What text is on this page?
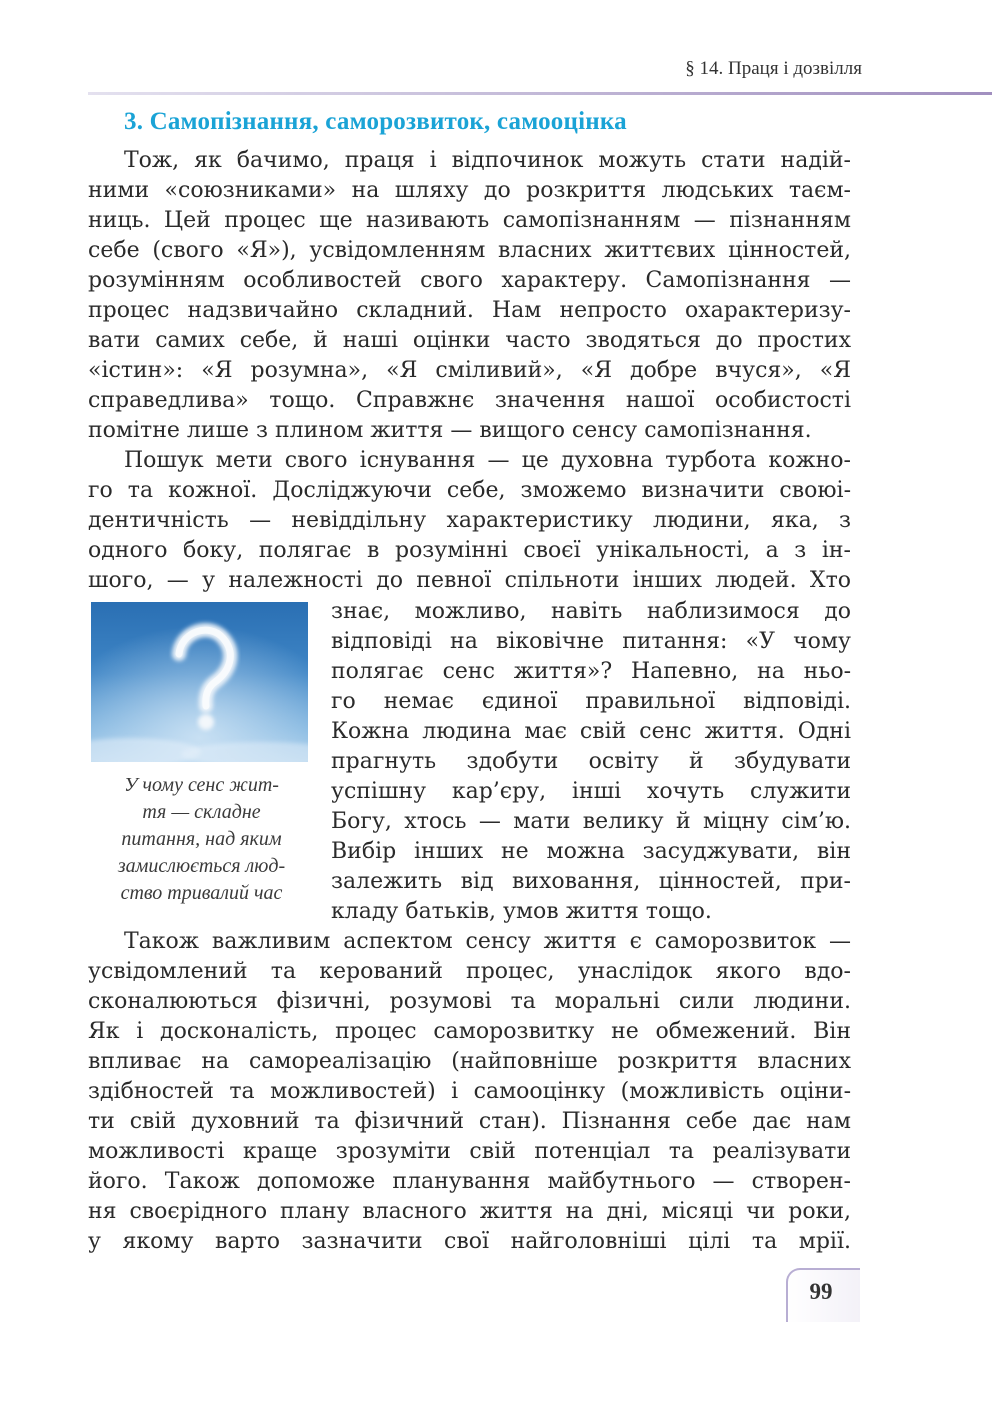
§ 14. Праця і дозвілля
3. Самопізнання, саморозвиток, самооцінка
Тож, як бачимо, праця і відпочинок можуть стати надій-
ними «союзниками» на шляху до розкриття людських таєм-
ниць. Цей процес ще називають самопізнанням — пізнанням
себе (свого «Я»), усвідомленням власних життєвих цінностей,
розумінням особливостей свого характеру. Самопізнання —
процес надзвичайно складний. Нам непросто охарактеризу-
вати самих себе, й наші оцінки часто зводяться до простих
«істин»: «Я розумна», «Я сміливий», «Я добре вчуся», «Я
справедлива» тощо. Справжнє значення нашої особистості
помітне лише з плином життя — вищого сенсу самопізнання.
Пошук мети свого існування — це духовна турбота кожно-
го та кожної. Досліджуючи себе, зможемо визначити своюі-
дентичність — невіддільну характеристику людини, яка, з
одного боку, полягає в розумінні своєї унікальності, а з ін-
шого, — у належності до певної спільноти інших людей. Хто
знає, можливо, навіть наблизимося до
відповіді на віковічне питання: «У чому
полягає сенс життя»? Напевно, на ньо-
го немає єдиної правильної відповіді.
Кожна людина має свій сенс життя. Одні
прагнуть здобути освіту й збудувати
успішну кар’єру, інші хочуть служити
Богу, хтось — мати велику й міцну сім’ю.
Вибір інших не можна засуджувати, він
залежить від виховання, цінностей, при-
кладу батьків, умов життя тощо.
У чому сенс жит-
тя — складне
питання, над яким
замислюється люд-
ство тривалий час
Також важливим аспектом сенсу життя є саморозвиток —
усвідомлений та керований процес, унаслідок якого вдо-
сконалюються фізичні, розумові та моральні сили людини.
Як і досконалість, процес саморозвитку не обмежений. Він
впливає на самореалізацію (найповніше розкриття власних
здібностей та можливостей) і самооцінку (можливість оціни-
ти свій духовний та фізичний стан). Пізнання себе дає нам
можливості краще зрозуміти свій потенціал та реалізувати
його. Також допоможе планування майбутнього — створен-
ня своєрідного плану власного життя на дні, місяці чи роки,
у якому варто зазначити свої найголовніші цілі та мрії.
99
